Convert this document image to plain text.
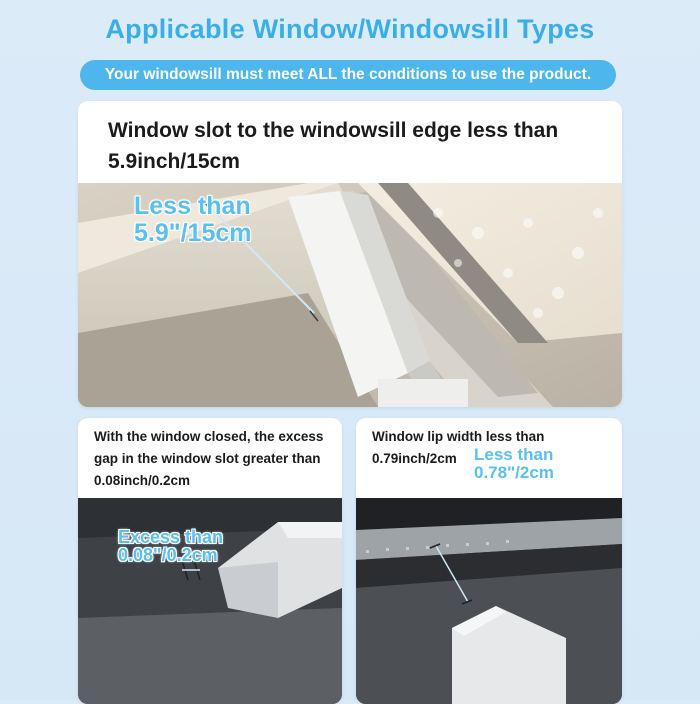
Applicable Window/Windowsill Types
Your windowsill must meet ALL the conditions to use the product.
Window slot to the windowsill edge less than 5.9inch/15cm
Less than
5.9"/15cm
With the window closed, the excess gap in the window slot greater than 0.08inch/0.2cm
Excess than
0.08"/0.2cm
Window lip width less than 0.79inch/2cm	Less than
0.78"/2cm
